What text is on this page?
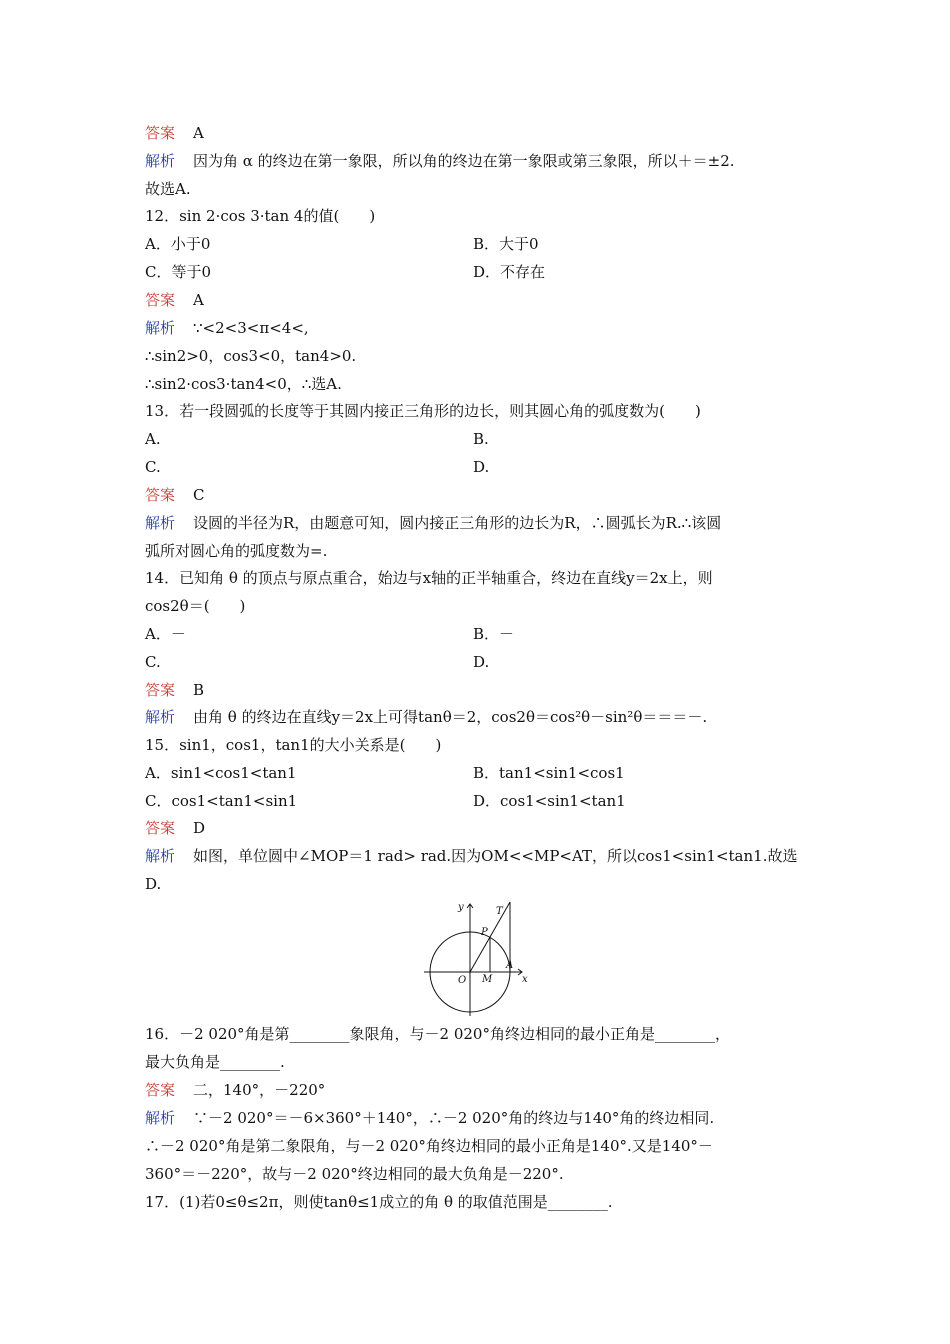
答案 A
解析 因为角 α 的终边在第一象限，所以角的终边在第一象限或第三象限，所以＋＝±2.
故选A.
12．sin 2·cos 3·tan 4的值(　　)
A．小于0	B．大于0
C．等于0	D．不存在
答案 A
解析 ∵<2<3<π<4<,
∴sin2>0，cos3<0，tan4>0.
∴sin2·cos3·tan4<0，∴选A.
13．若一段圆弧的长度等于其圆内接正三角形的边长，则其圆心角的弧度数为(　　)
A.	B.
C.	D.
答案 C
解析 设圆的半径为R，由题意可知，圆内接正三角形的边长为R，∴圆弧长为R.∴该圆
弧所对圆心角的弧度数为=.
14．已知角 θ 的顶点与原点重合，始边与x轴的正半轴重合，终边在直线y＝2x上，则
cos2θ＝(　　)
A．－	B．－
C.	D.
答案 B
解析 由角 θ 的终边在直线y＝2x上可得tanθ＝2，cos2θ＝cos²θ－sin²θ＝＝＝－.
15．sin1，cos1，tan1的大小关系是(　　)
A．sin1<cos1<tan1	B．tan1<sin1<cos1
C．cos1<tan1<sin1	D．cos1<sin1<tan1
答案 D
解析 如图，单位圆中∠MOP＝1 rad> rad.因为OM<<MP<AT，所以cos1<sin1<tan1.故选
D.
y
x
O M
A
P
T
16．－2 020°角是第________象限角，与－2 020°角终边相同的最小正角是________，
最大负角是________.
答案 二，140°，－220°
解析 ∵－2 020°＝－6×360°＋140°，∴－2 020°角的终边与140°角的终边相同.
∴－2 020°角是第二象限角，与－2 020°角终边相同的最小正角是140°.又是140°－
360°＝－220°，故与－2 020°终边相同的最大负角是－220°.
17．(1)若0≤θ≤2π，则使tanθ≤1成立的角 θ 的取值范围是________.
